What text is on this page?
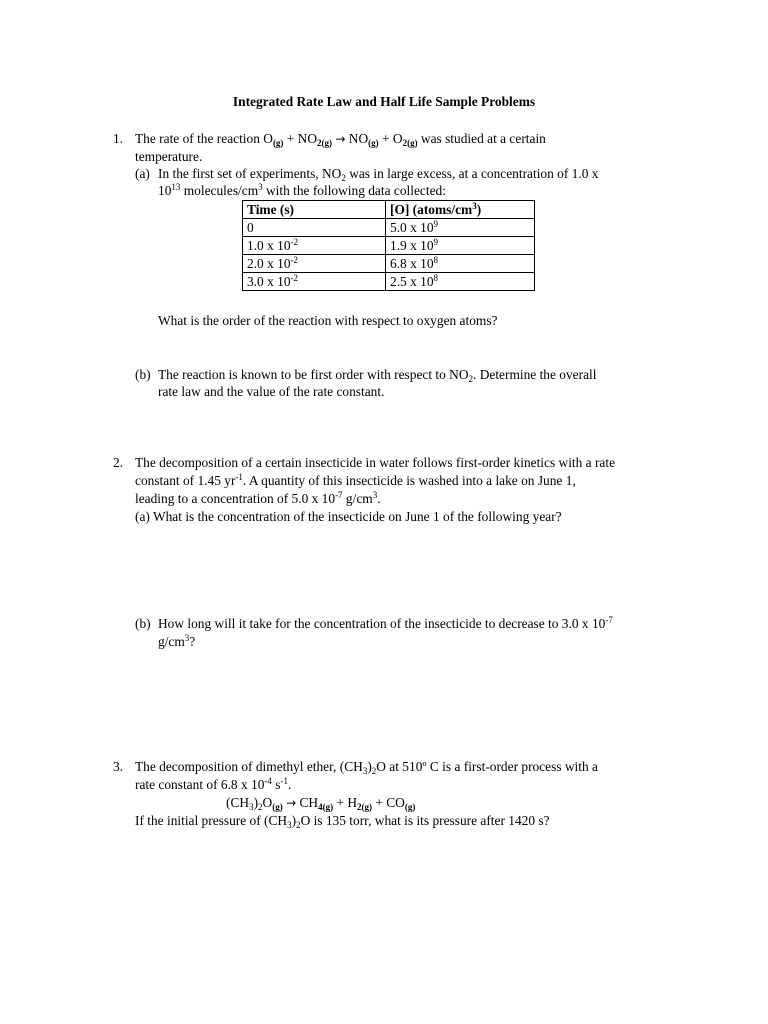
Integrated Rate Law and Half Life Sample Problems
1. The rate of the reaction $O_{(g)} + NO_{2(g)} \to NO_{(g)} + O_{2(g)}$ was studied at a certain
temperature.
(a) In the first set of experiments, $NO_2$ was in large excess, at a concentration of 1.0 x
$10^{13}$ molecules/$cm^3$ with the following data collected:
Time (s)	[O] $(atoms/cm^3)$
0	5.0 x $10^9$
1.0 x $10^{-2}$	1.9 x $10^9$
2.0 x $10^{-2}$	6.8 x $10^8$
3.0 x $10^{-2}$	2.5 x $10^8$
What is the order of the reaction with respect to oxygen atoms?
(b) The reaction is known to be first order with respect to $NO_2$. Determine the overall
rate law and the value of the rate constant.
2. The decomposition of a certain insecticide in water follows first-order kinetics with a rate
constant of 1.45 $yr^{-1}$. A quantity of this insecticide is washed into a lake on June 1,
leading to a concentration of 5.0 x $10^{-7}$ $g/cm^3$.
(a) What is the concentration of the insecticide on June 1 of the following year?
(b) How long will it take for the concentration of the insecticide to decrease to 3.0 x $10^{-7}$
$g/cm^3$?
3. The decomposition of dimethyl ether, $(CH_3)_2O$ at 510º C is a first-order process with a
rate constant of 6.8 x $10^{-4}$ $s^{-1}$.
$(CH_3)_2O_{(g)} \to CH_{4(g)} + H_{2(g)} + CO_{(g)}$
If the initial pressure of $(CH_3)_2O$ is 135 torr, what is its pressure after 1420 s?
